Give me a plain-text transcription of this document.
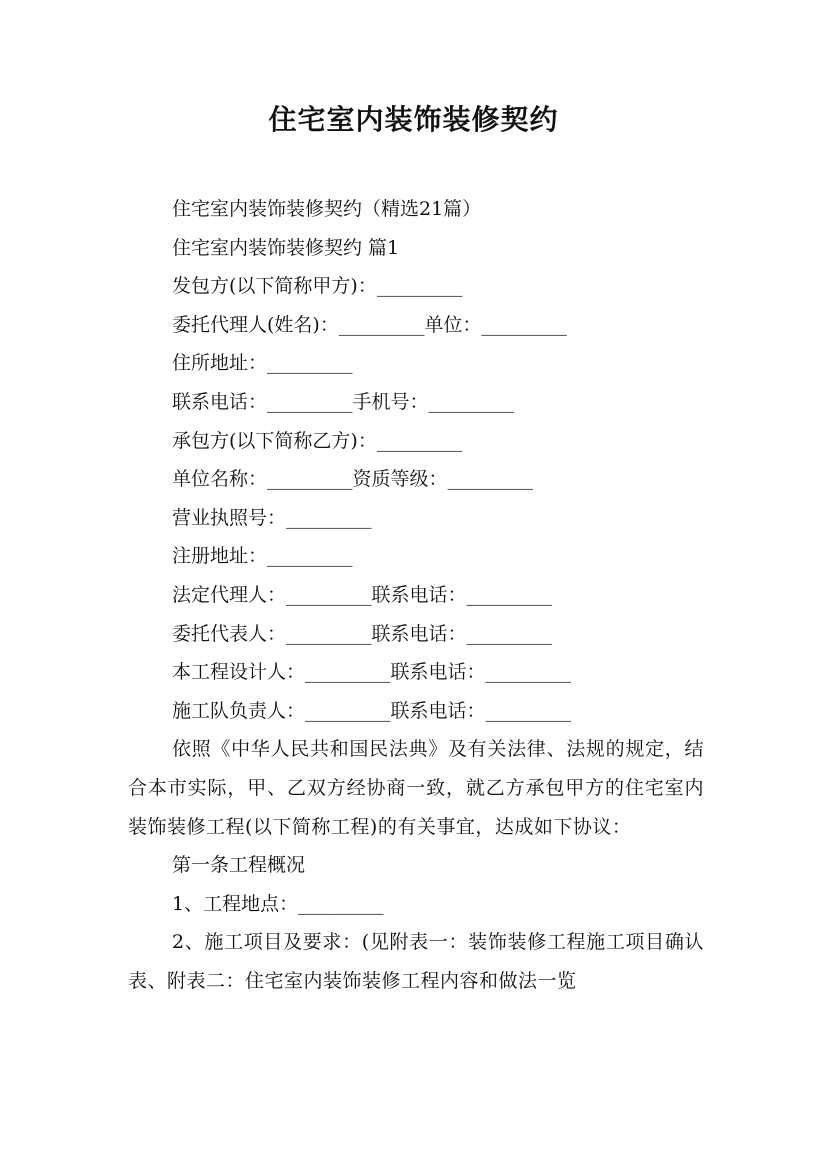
住宅室内装饰装修契约
住宅室内装饰装修契约（精选21篇）
住宅室内装饰装修契约 篇1
发包方(以下简称甲方)：_________
委托代理人(姓名)：_________单位：_________
住所地址：_________
联系电话：_________手机号：_________
承包方(以下简称乙方)：_________
单位名称：_________资质等级：_________
营业执照号：_________
注册地址：_________
法定代理人：_________联系电话：_________
委托代表人：_________联系电话：_________
本工程设计人：_________联系电话：_________
施工队负责人：_________联系电话：_________
依照《中华人民共和国民法典》及有关法律、法规的规定，结合本市实际，甲、乙双方经协商一致，就乙方承包甲方的住宅室内装饰装修工程(以下简称工程)的有关事宜，达成如下协议：
第一条工程概况
1、工程地点：_________
2、施工项目及要求：(见附表一：装饰装修工程施工项目确认表、附表二：住宅室内装饰装修工程内容和做法一览
